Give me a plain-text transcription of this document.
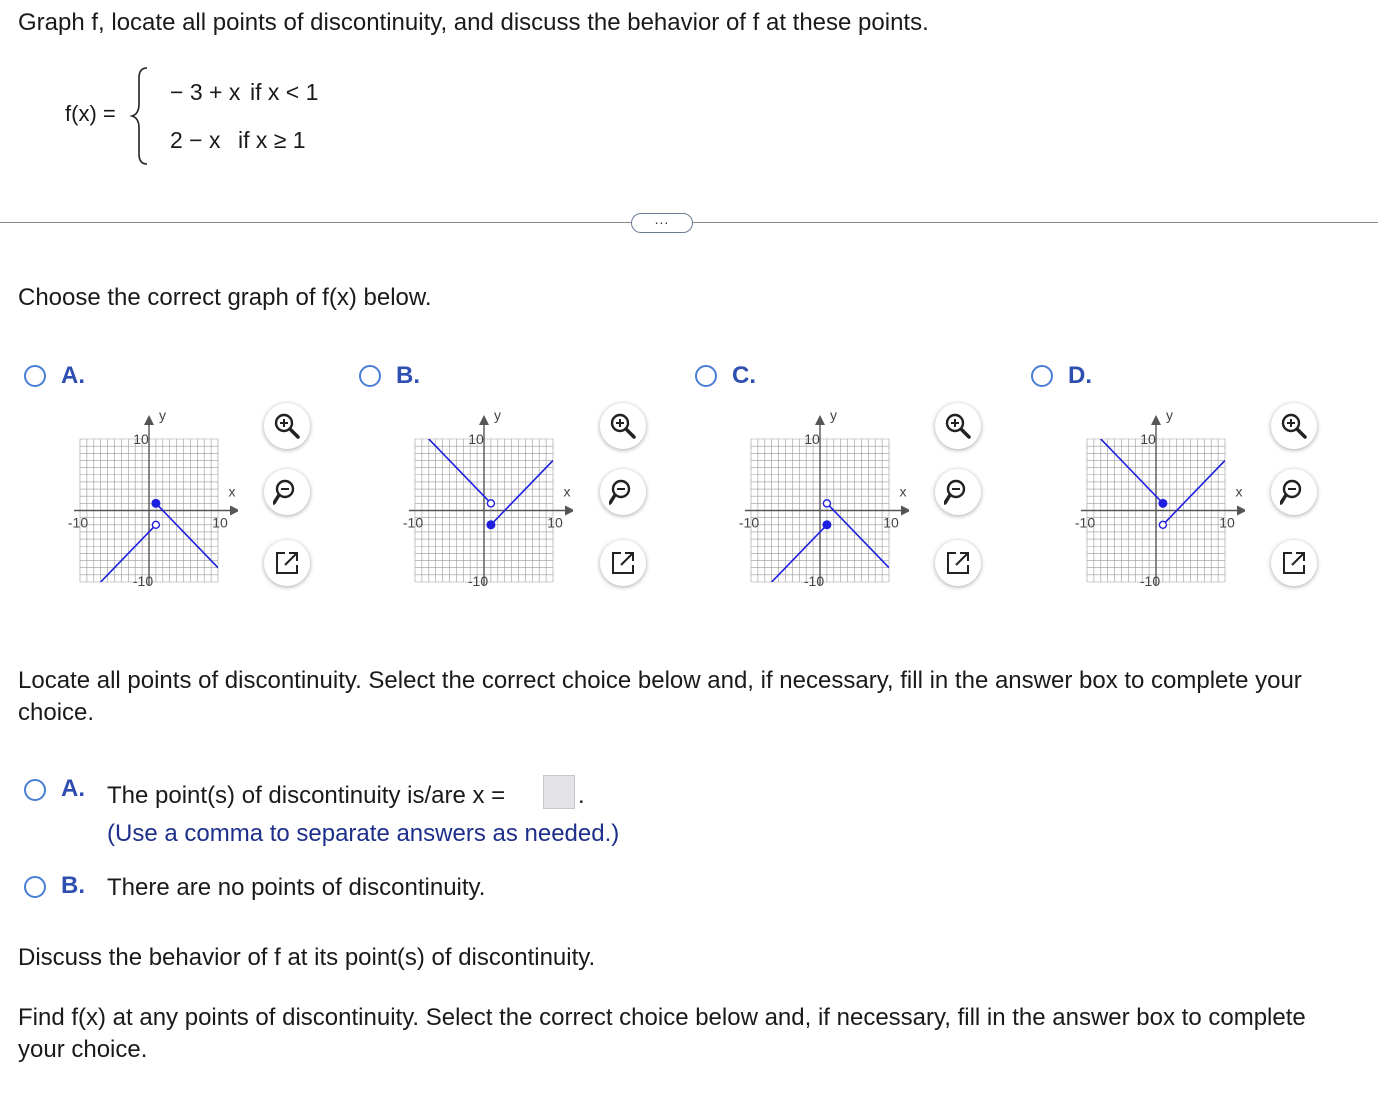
Graph f, locate all points of discontinuity, and discuss the behavior of f at these points.
f(x) =
− 3 + x if x < 1
2 − x if x ≥ 1
...
Choose the correct graph of f(x) below.
A.	B.	C.	D.
x
y
10
-10
-10	10
x
y
10
-10
-10	10
x
y
10
-10
-10	10
x
y
10
-10
-10	10
Locate all points of discontinuity. Select the correct choice below and, if necessary, fill in the answer box to complete your choice.
A. The point(s) of discontinuity is/are x =	.
(Use a comma to separate answers as needed.)
B. There are no points of discontinuity.
Discuss the behavior of f at its point(s) of discontinuity.
Find f(x) at any points of discontinuity. Select the correct choice below and, if necessary, fill in the answer box to complete your choice.
